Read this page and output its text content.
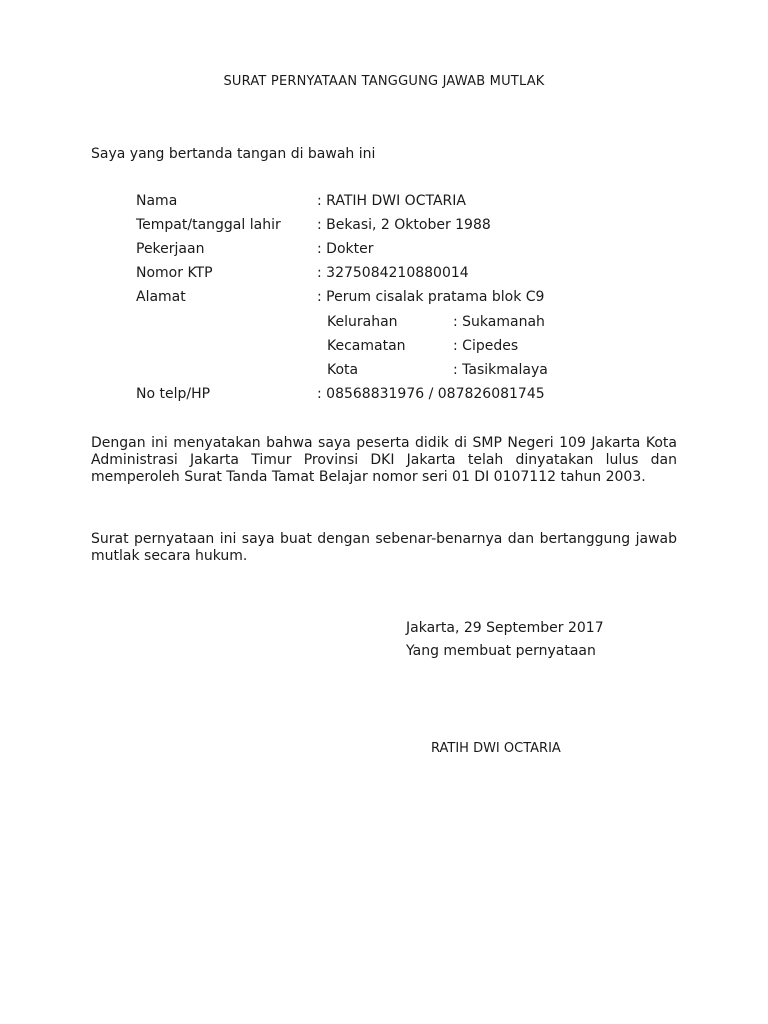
SURAT PERNYATAAN TANGGUNG JAWAB MUTLAK
Saya yang bertanda tangan di bawah ini
Nama	: RATIH DWI OCTARIA
Tempat/tanggal lahir	: Bekasi, 2 Oktober 1988
Pekerjaan	: Dokter
Nomor KTP	: 3275084210880014
Alamat	: Perum cisalak pratama blok C9
Kelurahan	: Sukamanah
Kecamatan	: Cipedes
Kota	: Tasikmalaya
No telp/HP	: 08568831976 / 087826081745
Dengan ini menyatakan bahwa saya peserta didik di SMP Negeri 109 Jakarta Kota Administrasi Jakarta Timur Provinsi DKI Jakarta telah dinyatakan lulus dan memperoleh Surat Tanda Tamat Belajar nomor seri 01 DI 0107112 tahun 2003.
Surat pernyataan ini saya buat dengan sebenar-benarnya dan bertanggung jawab mutlak secara hukum.
Jakarta, 29 September 2017
Yang membuat pernyataan
RATIH DWI OCTARIA
